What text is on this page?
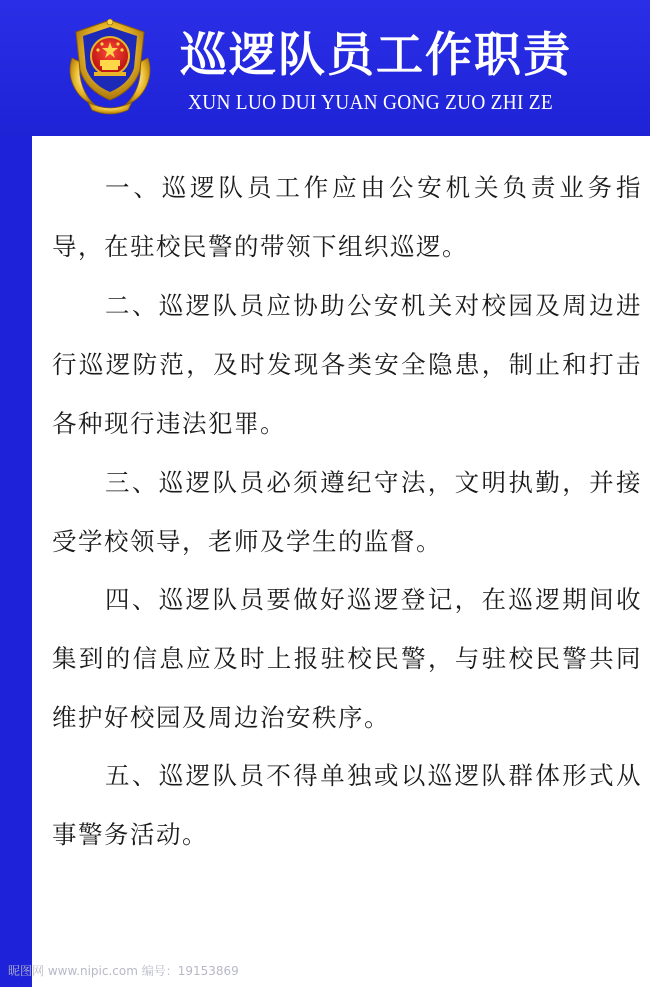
巡逻队员工作职责
XUN LUO DUI YUAN GONG ZUO ZHI ZE

一、巡逻队员工作应由公安机关负责业务指导，在驻校民警的带领下组织巡逻。

二、巡逻队员应协助公安机关对校园及周边进行巡逻防范，及时发现各类安全隐患，制止和打击各种现行违法犯罪。

三、巡逻队员必须遵纪守法，文明执勤，并接受学校领导，老师及学生的监督。

四、巡逻队员要做好巡逻登记，在巡逻期间收集到的信息应及时上报驻校民警，与驻校民警共同维护好校园及周边治安秩序。

五、巡逻队员不得单独或以巡逻队群体形式从事警务活动。

昵图网 www.nipic.com 编号：19153869
